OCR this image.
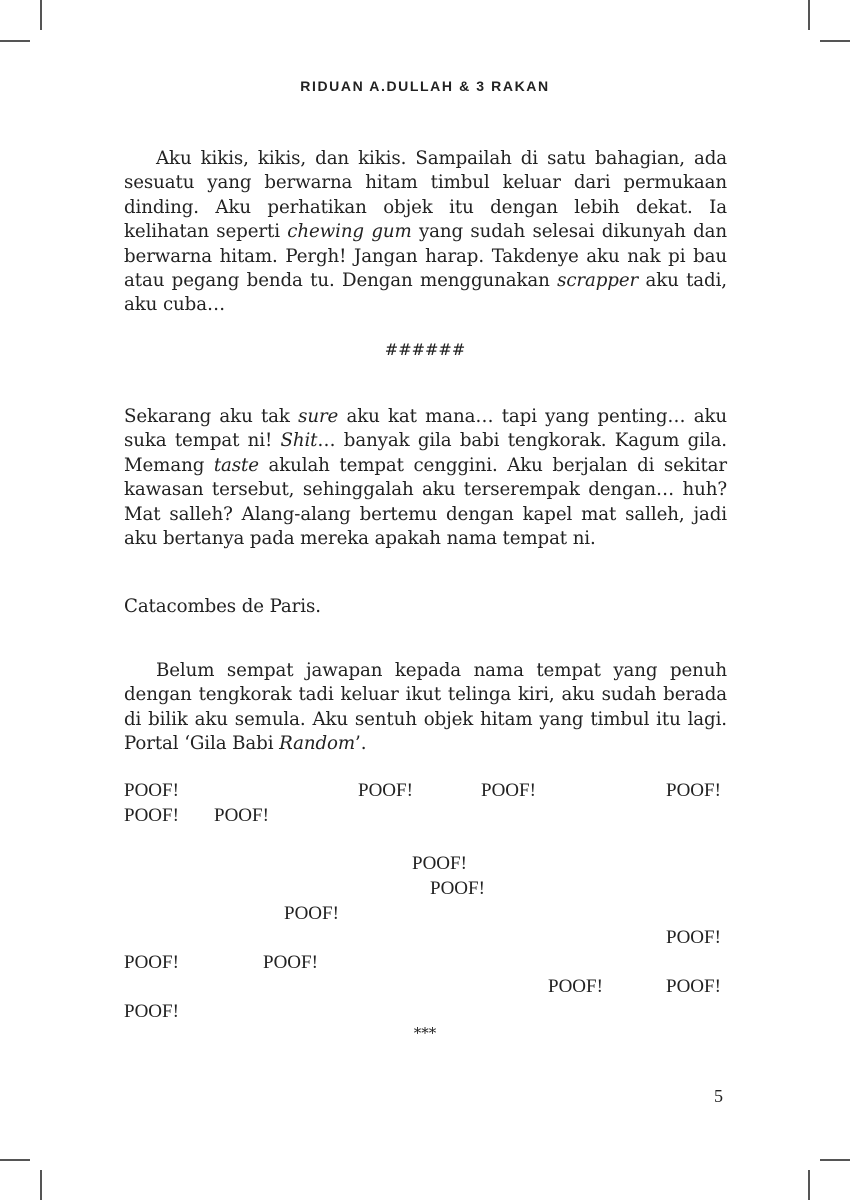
RIDUAN A.DULLAH & 3 RAKAN

Aku kikis, kikis, dan kikis. Sampailah di satu bahagian, ada sesuatu yang berwarna hitam timbul keluar dari permukaan dinding. Aku perhatikan objek itu dengan lebih dekat. Ia kelihatan seperti chewing gum yang sudah selesai dikunyah dan berwarna hitam. Pergh! Jangan harap. Takdenye aku nak pi bau atau pegang benda tu. Dengan menggunakan scrapper aku tadi, aku cuba…

######

Sekarang aku tak sure aku kat mana… tapi yang penting… aku suka tempat ni! Shit… banyak gila babi tengkorak. Kagum gila. Memang taste akulah tempat cenggini. Aku berjalan di sekitar kawasan tersebut, sehinggalah aku terserempak dengan… huh? Mat salleh? Alang-alang bertemu dengan kapel mat salleh, jadi aku bertanya pada mereka apakah nama tempat ni.

Catacombes de Paris.

Belum sempat jawapan kepada nama tempat yang penuh dengan tengkorak tadi keluar ikut telinga kiri, aku sudah berada di bilik aku semula. Aku sentuh objek hitam yang timbul itu lagi. Portal ‘Gila Babi Random’.

POOF!	POOF!	POOF!	POOF!
POOF! POOF!
POOF!
POOF!
POOF!
POOF!
POOF!	POOF!
POOF!	POOF!
POOF!
***
5
